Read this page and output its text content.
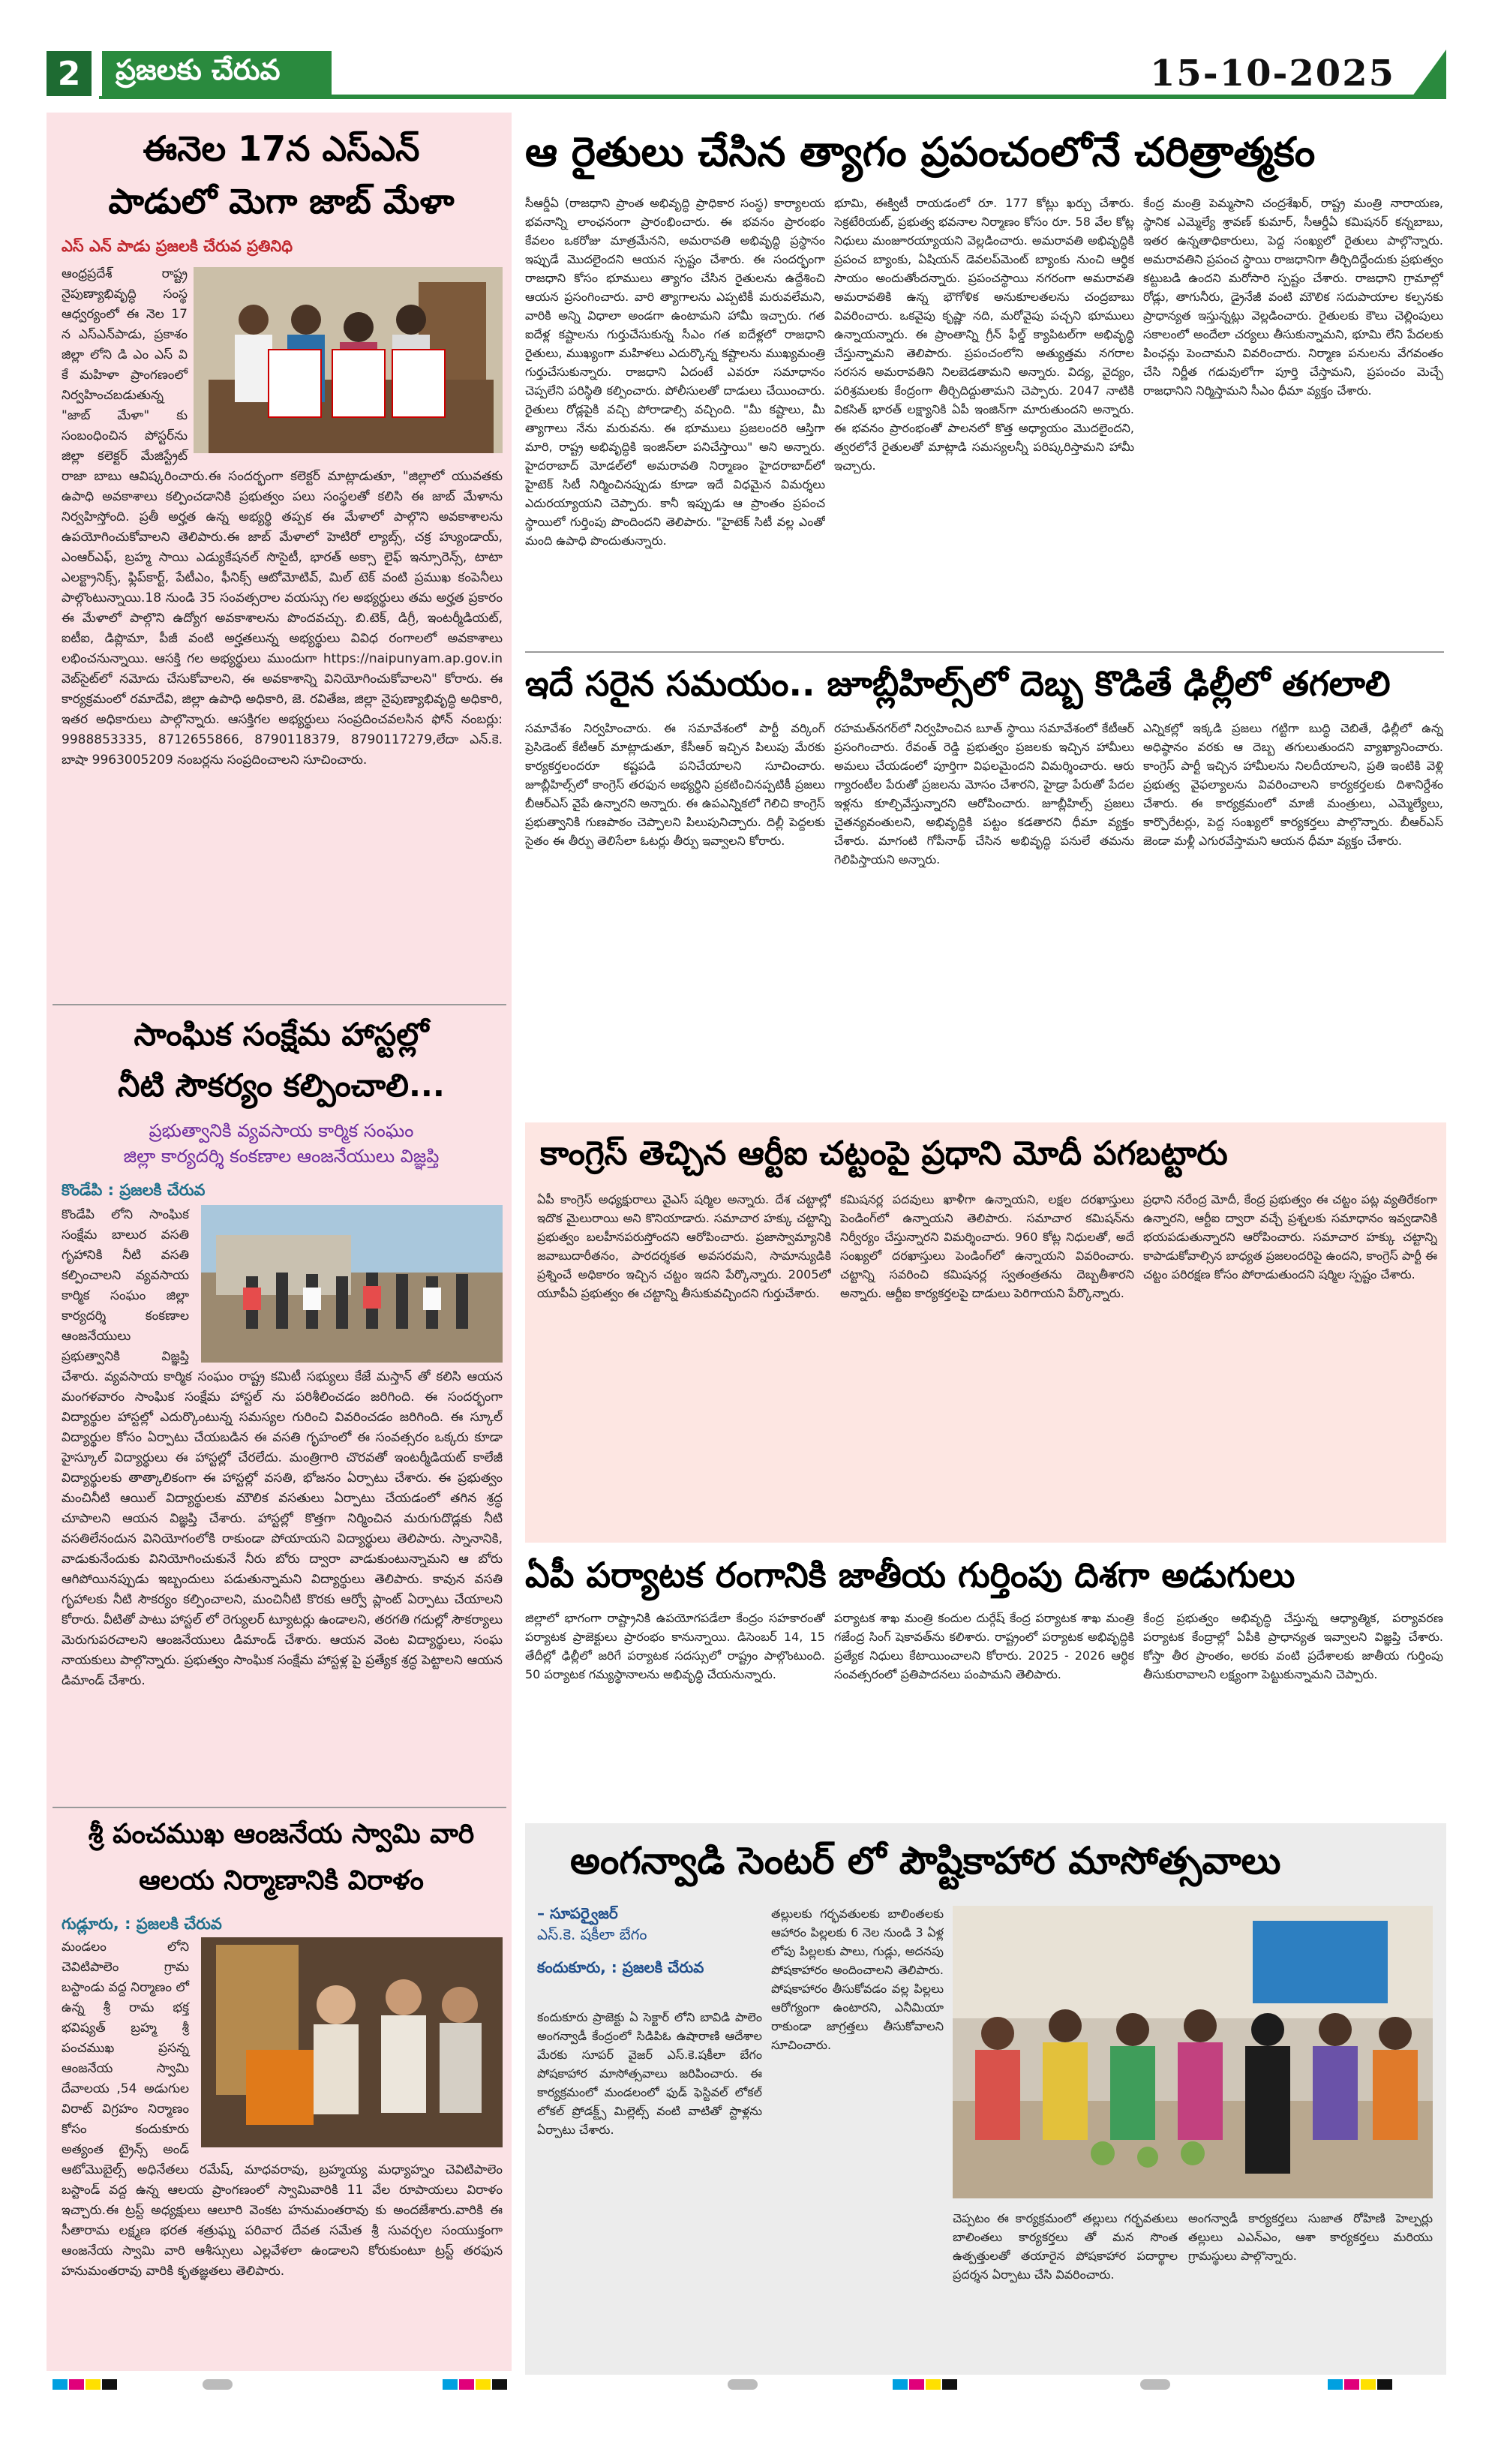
2	ప్రజలకు చేరువ	15-10-2025
ఈనెల 17న ఎస్ఎన్
పాడులో మెగా జాబ్ మేళా
ఎస్ ఎన్ పాడు ప్రజలకి చేరువ ప్రతినిధి
ఆంధ్రప్రదేశ్ రాష్ట్ర నైపుణ్యాభివృద్ధి సంస్థ ఆధ్వర్యంలో ఈ నెల 17 న ఎస్ఎన్‌పాడు, ప్రకాశం జిల్లా లోని డి ఎం ఎస్ వి కే మహిళా ప్రాంగణంలో నిర్వహించబడుతున్న "జాబ్ మేళా" కు సంబంధించిన పోస్టర్‌ను జిల్లా కలెక్టర్ మేజిస్ట్రేట్ రాజా బాబు ఆవిష్కరించారు.ఈ సందర్భంగా కలెక్టర్ మాట్లాడుతూ, "జిల్లాలో యువతకు ఉపాధి అవకాశాలు కల్పించడానికి ప్రభుత్వం పలు సంస్థలతో కలిసి ఈ జాబ్ మేళాను నిర్వహిస్తోంది. ప్రతీ అర్హత ఉన్న అభ్యర్థి తప్పక ఈ మేళాలో పాల్గొని అవకాశాలను ఉపయోగించుకోవాలని తెలిపారు.ఈ జాబ్ మేళాలో హెటిరో ల్యాబ్స్, చక్ర హ్యుండాయ్, ఎంఆర్ఎఫ్, బ్రహ్మ సాయి ఎడ్యుకేషనల్ సొసైటీ, భారత్ అక్సా లైఫ్ ఇన్సూరెన్స్, టాటా ఎలక్ట్రానిక్స్, ఫ్లిప్‌కార్ట్, పేటీఎం, ఫీనిక్స్ ఆటోమోటివ్, మిల్ టెక్ వంటి ప్రముఖ కంపెనీలు పాల్గొంటున్నాయి.18 నుండి 35 సంవత్సరాల వయస్సు గల అభ్యర్థులు తమ అర్హత ప్రకారం ఈ మేళాలో పాల్గొని ఉద్యోగ అవకాశాలను పొందవచ్చు. బి.టెక్, డిగ్రీ, ఇంటర్మీడియట్, ఐటీఐ, డిప్లొమా, పీజీ వంటి అర్హతలున్న అభ్యర్థులు వివిధ రంగాలలో అవకాశాలు లభించనున్నాయి. ఆసక్తి గల అభ్యర్థులు ముందుగా https://naipunyam.ap.gov.in వెబ్‌సైట్‌లో నమోదు చేసుకోవాలని, ఈ అవకాశాన్ని వినియోగించుకోవాలని" కోరారు. ఈ కార్యక్రమంలో రమాదేవి, జిల్లా ఉపాధి అధికారి, జె. రవితేజ, జిల్లా నైపుణ్యాభివృద్ధి అధికారి, ఇతర అధికారులు పాల్గొన్నారు. ఆసక్తిగల అభ్యర్థులు సంప్రదించవలసిన ఫోన్ నంబర్లు: 9988853335, 8712655866, 8790118379, 8790117279,లేదా ఎన్.కె. బాషా 9963005209 నంబర్లను సంప్రదించాలని సూచించారు.
సాంఘిక సంక్షేమ హాస్టల్లో
నీటి సౌకర్యం కల్పించాలి...
ప్రభుత్వానికి వ్యవసాయ కార్మిక సంఘం
జిల్లా కార్యదర్శి కంకణాల ఆంజనేయులు విజ్ఞప్తి
కొండేపి : ప్రజలకి చేరువ
కొండేపి లోని సాంఘిక సంక్షేమ బాలుర వసతి గృహానికి నీటి వసతి కల్పించాలని వ్యవసాయ కార్మిక సంఘం జిల్లా కార్యదర్శి కంకణాల ఆంజనేయులు ప్రభుత్వానికి విజ్ఞప్తి చేశారు. వ్యవసాయ కార్మిక సంఘం రాష్ట్ర కమిటీ సభ్యులు కేజే మస్తాన్ తో కలిసి ఆయన మంగళవారం సాంఘిక సంక్షేమ హాస్టల్ ను పరిశీలించడం జరిగింది. ఈ సందర్భంగా విద్యార్థుల హాస్టల్లో ఎదుర్కొంటున్న సమస్యల గురించి వివరించడం జరిగింది. ఈ స్కూల్ విద్యార్థుల కోసం ఏర్పాటు చేయబడిన ఈ వసతి గృహంలో ఈ సంవత్సరం ఒక్కరు కూడా హైస్కూల్ విద్యార్థులు ఈ హాస్టల్లో చేరలేదు. మంత్రిగారి చొరవతో ఇంటర్మీడియట్ కాలేజీ విద్యార్థులకు తాత్కాలికంగా ఈ హాస్టల్లో వసతి, భోజనం ఏర్పాటు చేశారు. ఈ ప్రభుత్వం మంచినీటి ఆయిల్ విద్యార్థులకు మౌలిక వసతులు ఏర్పాటు చేయడంలో తగిన శ్రద్ధ చూపాలని ఆయన విజ్ఞప్తి చేశారు. హాస్టల్లో కొత్తగా నిర్మించిన మరుగుదొడ్లకు నీటి వసతిలేనందున వినియోగంలోకి రాకుండా పోయాయని విద్యార్థులు తెలిపారు. స్నానానికి, వాడుకునేందుకు వినియోగించుకునే నీరు బోరు ద్వారా వాడుకుంటున్నామని ఆ బోరు ఆగిపోయినప్పుడు ఇబ్బందులు పడుతున్నామని విద్యార్థులు తెలిపారు. కావున వసతి గృహాలకు నీటి సౌకర్యం కల్పించాలని, మంచినీటి కొరకు ఆర్వో ప్లాంట్ ఏర్పాటు చేయాలని కోరారు. వీటితో పాటు హాస్టల్ లో రెగ్యులర్ ట్యూటర్లు ఉండాలని, తరగతి గదుల్లో సౌకర్యాలు మెరుగుపరచాలని ఆంజనేయులు డిమాండ్ చేశారు. ఆయన వెంట విద్యార్థులు, సంఘ నాయకులు పాల్గొన్నారు. ప్రభుత్వం సాంఘిక సంక్షేమ హాస్టళ్ల పై ప్రత్యేక శ్రద్ధ పెట్టాలని ఆయన డిమాండ్ చేశారు.
శ్రీ పంచముఖ ఆంజనేయ స్వామి వారి
ఆలయ నిర్మాణానికి విరాళం
గుడ్లూరు, : ప్రజలకి చేరువ
మండలం లోని చెవిటిపాలెం గ్రామ బస్టాండు వద్ద నిర్మాణం లో ఉన్న శ్రీ రామ భక్త భవిష్యత్ బ్రహ్మ శ్రీ పంచముఖ ప్రసన్న ఆంజనేయ స్వామి దేవాలయ ,54 అడుగుల విరాట్ విగ్రహం నిర్మాణం కోసం కందుకూరు అత్యంత ట్రైన్స్ అండ్ ఆటోమొబైల్స్ అధినేతలు రమేష్, మాధవరావు, బ్రహ్మయ్య మధ్యాహ్నం చెవిటిపాలెం బస్టాండ్ వద్ద ఉన్న ఆలయ ప్రాంగణంలో స్వామివారికి 11 వేల రూపాయలు విరాళం ఇచ్చారు.ఈ ట్రస్ట్ అధ్యక్షులు ఆలూరి వెంకట హనుమంతరావు కు అందజేశారు.వారికి ఈ సీతారామ లక్ష్మణ భరత శత్రుఘ్న పరివార దేవత సమేత శ్రీ సువర్చల సంయుక్తంగా ఆంజనేయ స్వామి వారి ఆశీస్సులు ఎల్లవేళలా ఉండాలని కోరుకుంటూ ట్రస్ట్ తరఫున హనుమంతరావు వారికి కృతజ్ఞతలు తెలిపారు.
ఆ రైతులు చేసిన త్యాగం ప్రపంచంలోనే చరిత్రాత్మకం
సీఆర్డీఏ (రాజధాని ప్రాంత అభివృద్ధి ప్రాధికార సంస్థ) కార్యాలయ భవనాన్ని లాంఛనంగా ప్రారంభించారు. ఈ భవనం ప్రారంభం కేవలం ఒకరోజు మాత్రమేనని, అమరావతి అభివృద్ధి ప్రస్థానం ఇప్పుడే మొదలైందని ఆయన స్పష్టం చేశారు. ఈ సందర్భంగా రాజధాని కోసం భూములు త్యాగం చేసిన రైతులను ఉద్దేశించి ఆయన ప్రసంగించారు. వారి త్యాగాలను ఎప్పటికీ మరువలేమని, వారికి అన్ని విధాలా అండగా ఉంటామని హామీ ఇచ్చారు. గత ఐదేళ్ల కష్టాలను గుర్తుచేసుకున్న సీఎం గత ఐదేళ్లలో రాజధాని రైతులు, ముఖ్యంగా మహిళలు ఎదుర్కొన్న కష్టాలను ముఖ్యమంత్రి గుర్తుచేసుకున్నారు. రాజధాని ఏదంటే ఎవరూ సమాధానం చెప్పలేని పరిస్థితి కల్పించారు. పోలీసులతో దాడులు చేయించారు. రైతులు రోడ్లపైకి వచ్చి పోరాడాల్సి వచ్చింది. "మీ కష్టాలు, మీ త్యాగాలు నేను మరువను. ఈ భూములు ప్రజలందరి ఆస్తిగా మారి, రాష్ట్ర అభివృద్ధికి ఇంజిన్‌లా పనిచేస్తాయి" అని అన్నారు. హైదరాబాద్ మోడల్‌లో అమరావతి నిర్మాణం హైదరాబాద్‌లో హైటెక్ సిటీ నిర్మించినప్పుడు కూడా ఇదే విధమైన విమర్శలు ఎదురయ్యాయని చెప్పారు. కానీ ఇప్పుడు ఆ ప్రాంతం ప్రపంచ స్థాయిలో గుర్తింపు పొందిందని తెలిపారు. "హైటెక్ సిటీ వల్ల ఎంతో మంది ఉపాధి పొందుతున్నారు.
భూమి, ఈక్విటీ రాయడంలో రూ. 177 కోట్లు ఖర్చు చేశారు. సెక్రటేరియట్, ప్రభుత్వ భవనాల నిర్మాణం కోసం రూ. 58 వేల కోట్ల నిధులు మంజూరయ్యాయని వెల్లడించారు. అమరావతి అభివృద్ధికి ప్రపంచ బ్యాంకు, ఏషియన్ డెవలప్‌మెంట్ బ్యాంకు నుంచి ఆర్థిక సాయం అందుతోందన్నారు. ప్రపంచస్థాయి నగరంగా అమరావతి అమరావతికి ఉన్న భౌగోళిక అనుకూలతలను చంద్రబాబు వివరించారు. ఒకవైపు కృష్ణా నది, మరోవైపు పచ్చని భూములు ఉన్నాయన్నారు. ఈ ప్రాంతాన్ని గ్రీన్ ఫీల్డ్ క్యాపిటల్‌గా అభివృద్ధి చేస్తున్నామని తెలిపారు. ప్రపంచంలోని అత్యుత్తమ నగరాల సరసన అమరావతిని నిలబెడతామని అన్నారు. విద్య, వైద్యం, పరిశ్రమలకు కేంద్రంగా తీర్చిదిద్దుతామని చెప్పారు. 2047 నాటికి వికసిత్ భారత్ లక్ష్యానికి ఏపీ ఇంజిన్‌గా మారుతుందని అన్నారు. ఈ భవనం ప్రారంభంతో పాలనలో కొత్త అధ్యాయం మొదలైందని, త్వరలోనే రైతులతో మాట్లాడి సమస్యలన్నీ పరిష్కరిస్తామని హామీ ఇచ్చారు.
కేంద్ర మంత్రి పెమ్మసాని చంద్రశేఖర్, రాష్ట్ర మంత్రి నారాయణ, స్థానిక ఎమ్మెల్యే శ్రావణ్ కుమార్, సీఆర్డీఏ కమిషనర్ కన్నబాబు, ఇతర ఉన్నతాధికారులు, పెద్ద సంఖ్యలో రైతులు పాల్గొన్నారు. అమరావతిని ప్రపంచ స్థాయి రాజధానిగా తీర్చిదిద్దేందుకు ప్రభుత్వం కట్టుబడి ఉందని మరోసారి స్పష్టం చేశారు. రాజధాని గ్రామాల్లో రోడ్లు, తాగునీరు, డ్రైనేజీ వంటి మౌలిక సదుపాయాల కల్పనకు ప్రాధాన్యత ఇస్తున్నట్లు వెల్లడించారు. రైతులకు కౌలు చెల్లింపులు సకాలంలో అందేలా చర్యలు తీసుకున్నామని, భూమి లేని పేదలకు పింఛన్లు పెంచామని వివరించారు. నిర్మాణ పనులను వేగవంతం చేసి నిర్ణీత గడువులోగా పూర్తి చేస్తామని, ప్రపంచం మెచ్చే రాజధానిని నిర్మిస్తామని సీఎం ధీమా వ్యక్తం చేశారు.
ఇదే సరైన సమయం.. జూబ్లీహిల్స్‌లో దెబ్బ కొడితే ఢిల్లీలో తగలాలి
సమావేశం నిర్వహించారు. ఈ సమావేశంలో పార్టీ వర్కింగ్ ప్రెసిడెంట్ కేటీఆర్ మాట్లాడుతూ, కేసీఆర్ ఇచ్చిన పిలుపు మేరకు కార్యకర్తలందరూ కష్టపడి పనిచేయాలని సూచించారు. జూబ్లీహిల్స్‌లో కాంగ్రెస్ తరఫున అభ్యర్థిని ప్రకటించినప్పటికీ ప్రజలు బీఆర్ఎస్ వైపే ఉన్నారని అన్నారు. ఈ ఉపఎన్నికలో గెలిచి కాంగ్రెస్ ప్రభుత్వానికి గుణపాఠం చెప్పాలని పిలుపునిచ్చారు. దిల్లీ పెద్దలకు సైతం ఈ తీర్పు తెలిసేలా ఓటర్లు తీర్పు ఇవ్వాలని కోరారు.
రహమత్‌నగర్‌లో నిర్వహించిన బూత్ స్థాయి సమావేశంలో కేటీఆర్ ప్రసంగించారు. రేవంత్ రెడ్డి ప్రభుత్వం ప్రజలకు ఇచ్చిన హామీలు అమలు చేయడంలో పూర్తిగా విఫలమైందని విమర్శించారు. ఆరు గ్యారంటీల పేరుతో ప్రజలను మోసం చేశారని, హైడ్రా పేరుతో పేదల ఇళ్లను కూల్చివేస్తున్నారని ఆరోపించారు. జూబ్లీహిల్స్ ప్రజలు చైతన్యవంతులని, అభివృద్ధికి పట్టం కడతారని ధీమా వ్యక్తం చేశారు. మాగంటి గోపీనాథ్ చేసిన అభివృద్ధి పనులే తమను గెలిపిస్తాయని అన్నారు.
ఎన్నికల్లో ఇక్కడి ప్రజలు గట్టిగా బుద్ధి చెబితే, ఢిల్లీలో ఉన్న అధిష్ఠానం వరకు ఆ దెబ్బ తగులుతుందని వ్యాఖ్యానించారు. కాంగ్రెస్ పార్టీ ఇచ్చిన హామీలను నిలదీయాలని, ప్రతి ఇంటికి వెళ్లి ప్రభుత్వ వైఫల్యాలను వివరించాలని కార్యకర్తలకు దిశానిర్దేశం చేశారు. ఈ కార్యక్రమంలో మాజీ మంత్రులు, ఎమ్మెల్యేలు, కార్పొరేటర్లు, పెద్ద సంఖ్యలో కార్యకర్తలు పాల్గొన్నారు. బీఆర్ఎస్ జెండా మళ్లీ ఎగురవేస్తామని ఆయన ధీమా వ్యక్తం చేశారు.
కాంగ్రెస్ తెచ్చిన ఆర్టీఐ చట్టంపై ప్రధాని మోదీ పగబట్టారు
ఏపీ కాంగ్రెస్ అధ్యక్షురాలు వైఎస్ షర్మిల అన్నారు. దేశ చట్టాల్లో ఇదొక మైలురాయి అని కొనియాడారు. సమాచార హక్కు చట్టాన్ని ప్రభుత్వం బలహీనపరుస్తోందని ఆరోపించారు. ప్రజాస్వామ్యానికి జవాబుదారీతనం, పారదర్శకత అవసరమని, సామాన్యుడికి ప్రశ్నించే అధికారం ఇచ్చిన చట్టం ఇదని పేర్కొన్నారు. 2005లో యూపీఏ ప్రభుత్వం ఈ చట్టాన్ని తీసుకువచ్చిందని గుర్తుచేశారు.
కమిషనర్ల పదవులు ఖాళీగా ఉన్నాయని, లక్షల దరఖాస్తులు పెండింగ్‌లో ఉన్నాయని తెలిపారు. సమాచార కమిషన్‌ను నిర్వీర్యం చేస్తున్నారని విమర్శించారు. 960 కోట్ల నిధులతో, అదే సంఖ్యలో దరఖాస్తులు పెండింగ్‌లో ఉన్నాయని వివరించారు. చట్టాన్ని సవరించి కమిషనర్ల స్వతంత్రతను దెబ్బతీశారని అన్నారు. ఆర్టీఐ కార్యకర్తలపై దాడులు పెరిగాయని పేర్కొన్నారు.
ప్రధాని నరేంద్ర మోదీ, కేంద్ర ప్రభుత్వం ఈ చట్టం పట్ల వ్యతిరేకంగా ఉన్నారని, ఆర్టీఐ ద్వారా వచ్చే ప్రశ్నలకు సమాధానం ఇవ్వడానికి భయపడుతున్నారని ఆరోపించారు. సమాచార హక్కు చట్టాన్ని కాపాడుకోవాల్సిన బాధ్యత ప్రజలందరిపై ఉందని, కాంగ్రెస్ పార్టీ ఈ చట్టం పరిరక్షణ కోసం పోరాడుతుందని షర్మిల స్పష్టం చేశారు.
ఏపీ పర్యాటక రంగానికి జాతీయ గుర్తింపు దిశగా అడుగులు
జిల్లాలో భాగంగా రాష్ట్రానికి ఉపయోగపడేలా కేంద్రం సహకారంతో పర్యాటక ప్రాజెక్టులు ప్రారంభం కానున్నాయి. డిసెంబర్ 14, 15 తేదీల్లో ఢిల్లీలో జరిగే పర్యాటక సదస్సులో రాష్ట్రం పాల్గొంటుంది. 50 పర్యాటక గమ్యస్థానాలను అభివృద్ధి చేయనున్నారు.
పర్యాటక శాఖ మంత్రి కందుల దుర్గేష్ కేంద్ర పర్యాటక శాఖ మంత్రి గజేంద్ర సింగ్ షెకావత్‌ను కలిశారు. రాష్ట్రంలో పర్యాటక అభివృద్ధికి ప్రత్యేక నిధులు కేటాయించాలని కోరారు. 2025 - 2026 ఆర్థిక సంవత్సరంలో ప్రతిపాదనలు పంపామని తెలిపారు.
కేంద్ర ప్రభుత్వం అభివృద్ధి చేస్తున్న ఆధ్యాత్మిక, పర్యావరణ పర్యాటక కేంద్రాల్లో ఏపీకి ప్రాధాన్యత ఇవ్వాలని విజ్ఞప్తి చేశారు. కోస్తా తీర ప్రాంతం, అరకు వంటి ప్రదేశాలకు జాతీయ గుర్తింపు తీసుకురావాలని లక్ష్యంగా పెట్టుకున్నామని చెప్పారు.
అంగన్వాడి సెంటర్ లో పౌష్టికాహార మాసోత్సవాలు
– సూపర్వైజర్
ఎస్.కె. షకీలా బేగం
కందుకూరు, : ప్రజలకి చేరువ
కందుకూరు ప్రాజెక్టు ఏ సెక్టార్ లోని బావిడి పాలెం అంగన్వాడీ కేంద్రంలో సిడిపిఓ ఉషారాణి ఆదేశాల మేరకు సూపర్ వైజర్ ఎస్.కె.షకీలా బేగం పోషకాహార మాసోత్సవాలు జరిపించారు. ఈ కార్యక్రమంలో మండలంలో ఫుడ్ ఫెస్టివల్ లోకల్ లోకల్ ప్రోడక్ట్స్ మిల్లెట్స్ వంటి వాటితో స్టాళ్లను ఏర్పాటు చేశారు.
తల్లులకు గర్భవతులకు బాలింతలకు ఆహారం పిల్లలకు 6 నెల నుండి 3 ఏళ్ల లోపు పిల్లలకు పాలు, గుడ్లు, అదనపు పోషకాహారం అందించాలని తెలిపారు. పోషకాహారం తీసుకోవడం వల్ల పిల్లలు ఆరోగ్యంగా ఉంటారని, ఎనీమియా రాకుండా జాగ్రత్తలు తీసుకోవాలని సూచించారు.
చెప్పటం ఈ కార్యక్రమంలో తల్లులు గర్భవతులు బాలింతలు కార్యకర్తలు తో మన సొంత ఉత్పత్తులతో తయారైన పోషకాహార పదార్థాల ప్రదర్శన ఏర్పాటు చేసి వివరించారు.
అంగన్వాడీ కార్యకర్తలు సుజాత రోహిణి హెల్పర్లు తల్లులు ఎఎన్ఎం, ఆశా కార్యకర్తలు మరియు గ్రామస్థులు పాల్గొన్నారు.
